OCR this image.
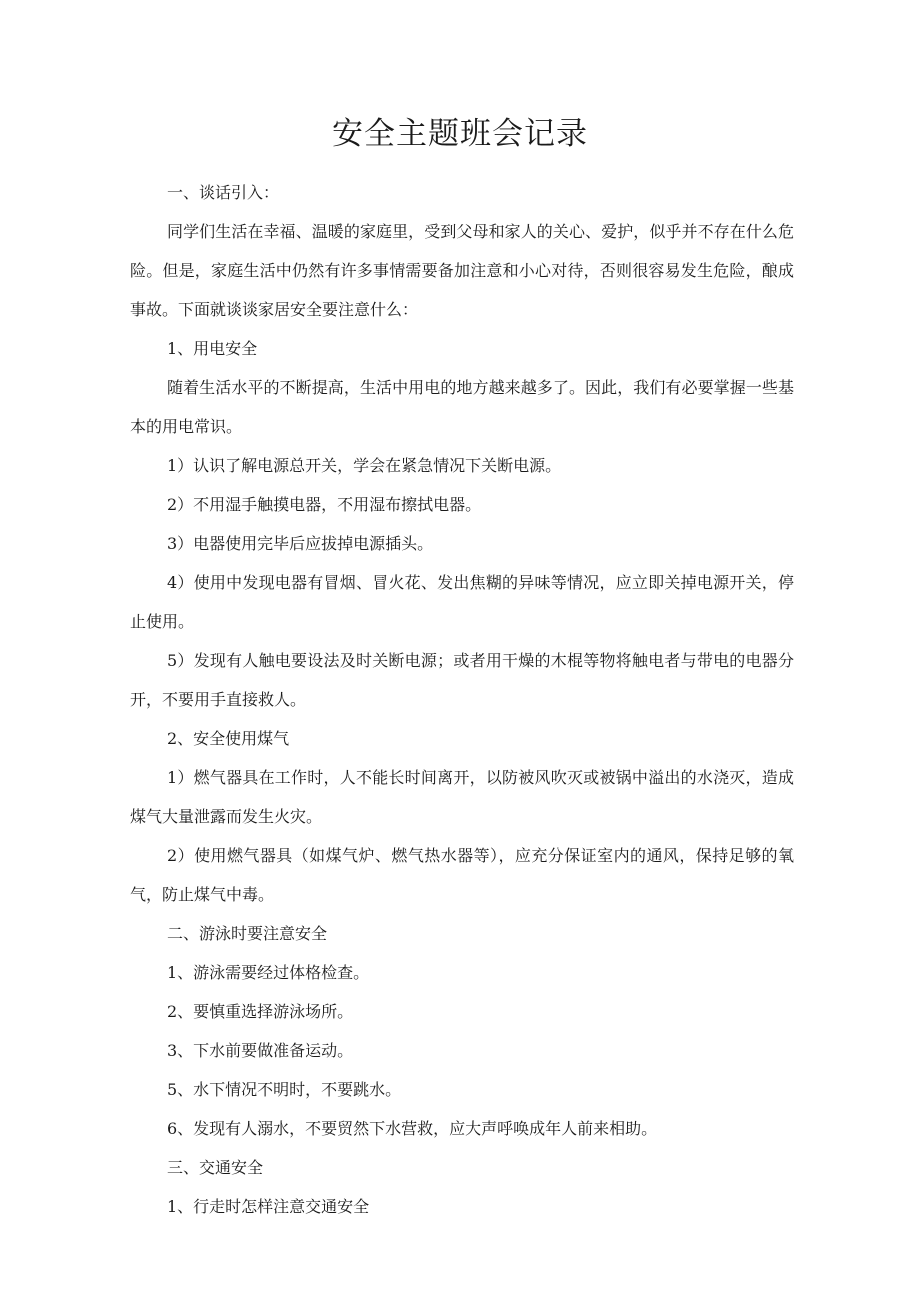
安全主题班会记录

一、谈话引入：

同学们生活在幸福、温暖的家庭里，受到父母和家人的关心、爱护，似乎并不存在什么危险。但是，家庭生活中仍然有许多事情需要备加注意和小心对待，否则很容易发生危险，酿成事故。下面就谈谈家居安全要注意什么：

1、用电安全

随着生活水平的不断提高，生活中用电的地方越来越多了。因此，我们有必要掌握一些基本的用电常识。

1）认识了解电源总开关，学会在紧急情况下关断电源。

2）不用湿手触摸电器，不用湿布擦拭电器。

3）电器使用完毕后应拔掉电源插头。

4）使用中发现电器有冒烟、冒火花、发出焦糊的异味等情况，应立即关掉电源开关，停止使用。

5）发现有人触电要设法及时关断电源；或者用干燥的木棍等物将触电者与带电的电器分开，不要用手直接救人。

2、安全使用煤气

1）燃气器具在工作时，人不能长时间离开，以防被风吹灭或被锅中溢出的水浇灭，造成煤气大量泄露而发生火灾。

2）使用燃气器具（如煤气炉、燃气热水器等），应充分保证室内的通风，保持足够的氧气，防止煤气中毒。

二、游泳时要注意安全

1、游泳需要经过体格检查。

2、要慎重选择游泳场所。

3、下水前要做准备运动。

5、水下情况不明时，不要跳水。

6、发现有人溺水，不要贸然下水营救，应大声呼唤成年人前来相助。

三、交通安全

1、行走时怎样注意交通安全
